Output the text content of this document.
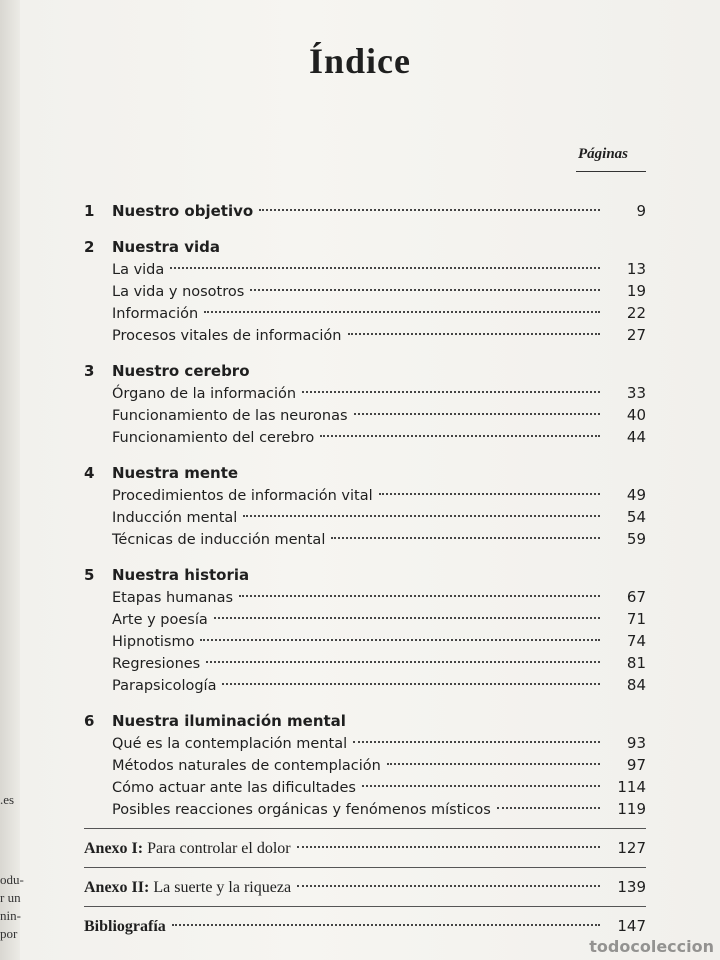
.es
odu-
r un
nin-
por
Índice
Páginas
1	Nuestro objetivo	9
2	Nuestra vida
La vida	13
La vida y nosotros	19
Información	22
Procesos vitales de información	27
3	Nuestro cerebro
Órgano de la información	33
Funcionamiento de las neuronas	40
Funcionamiento del cerebro	44
4	Nuestra mente
Procedimientos de información vital	49
Inducción mental	54
Técnicas de inducción mental	59
5	Nuestra historia
Etapas humanas	67
Arte y poesía	71
Hipnotismo	74
Regresiones	81
Parapsicología	84
6	Nuestra iluminación mental
Qué es la contemplación mental	93
Métodos naturales de contemplación	97
Cómo actuar ante las dificultades	114
Posibles reacciones orgánicas y fenómenos místicos	119
Anexo I: Para controlar el dolor	127
Anexo II: La suerte y la riqueza	139
Bibliografía	147
todocoleccion
